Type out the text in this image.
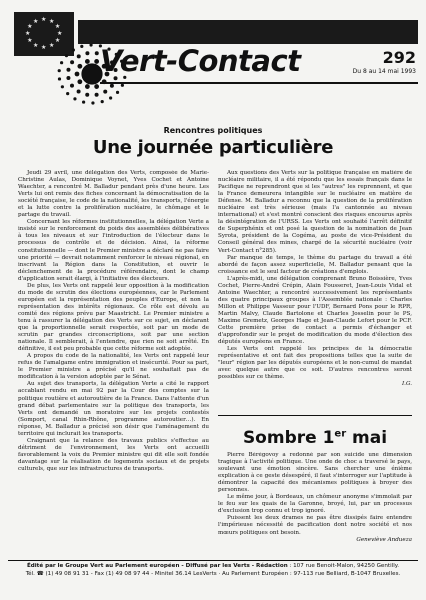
★
★
★
★
★
★
★
★
★ ★ ★
★
Vert-Contact	292
Du 8 au 14 mai 1993
Rencontres politiques
Une journée particulière

Jeudi 29 avril, une délégation des Verts, composée de Marie-Christine Aulas, Dominique Voynet, Yves Cochet et Antoine Waechter, a rencontré M. Balladur pendant près d'une heure. Les Verts lui ont remis des fiches concernant la démocratisation de la société française, le code de la nationalité, les transports, l'énergie et la lutte contre la prolifération nucléaire, le chômage et le partage du travail.

Concernant les réformes institutionnelles, la délégation Verte a insisté sur le renforcement du poids des assemblées délibératives à tous les niveaux et sur l'introduction de l'électeur dans le processus de contrôle et de décision. Ainsi, la réforme constitutionnelle — dont le Premier ministre a déclaré ne pas faire une priorité — devrait notamment renforcer le niveau régional, en inscrivant la Région dans la Constitution, et ouvrir le déclenchement de la procédure référendaire, dont le champ d'application serait élargi, à l'initiative des électeurs.

De plus, les Verts ont rappelé leur opposition à la modification du mode de scrutin des élections européennes, car le Parlement européen est la représentation des peuples d'Europe, et non la représentation des intérêts régionaux. Ce rôle est dévolu au comité des régions prévu par Maastricht. Le Premier ministre a tenu à rassurer la délégation des Verts sur ce sujet, en déclarant que la proportionnelle serait respectée, soit par un mode de scrutin par grandes circonscriptions, soit par une section nationale. Il semblerait, à l'entendre, que rien ne soit arrêté. En définitive, il est peu probable que cette réforme soit adoptée.

A propos du code de la nationalité, les Verts ont rappelé leur refus de l'amalgame entre immigration et insécurité. Pour sa part, le Premier ministre a précisé qu'il ne souhaitait pas de modification à la version adoptée par le Sénat.

Au sujet des transports, la délégation Verte a cité le rapport accablant rendu en mai 92 par la Cour des comptes sur la politique routière et autoroutière de la France. Dans l'attente d'un grand débat parlementaire sur la politique des transports, les Verts ont demandé un moratoire sur les projets contestés (Somport, canal Rhin-Rhône, programme autoroutier…). En réponse, M. Balladur a précisé son désir que l'aménagement du territoire qui inclurait les transports.

Craignant que la relance des travaux publics s'effectue au détriment de l'environnement, les Verts ont accueilli favorablement la voix du Premier ministre qui dit elle soit fondée davantage sur la réalisation de logements sociaux et de projets culturels, que sur les infrastructures de transports.

Aux questions des Verts sur la politique française en matière de nucléaire militaire, il a été répondu que les essais français dans le Pacifique ne reprendront que si les "autres" les reprennent, et que la France demeurera intangible sur le nucléaire en matière de Défense. M. Balladur a reconnu que la question de la prolifération nucléaire est très sérieuse (mais l'a cantonnée au niveau international) et s'est montré conscient des risques encourus après la désintégration de l'URSS. Les Verts ont souhaité l'arrêt définitif de Superphénix et ont posé la question de la nomination de Jean Syrota, président de la Cogéma, au poste de vice-Président du Conseil général des mines, chargé de la sécurité nucléaire (voir Vert-Contact n°285).

Par manque de temps, le thème du partage du travail a été abordé de façon assez superficielle, M. Balladur pensant que la croissance est le seul facteur de créations d'emplois.

L'après-midi, une délégation comprenant Bruno Boissière, Yves Cochet, Pierre-André Crépin, Alain Fousseret, Jean-Louis Vidal et Antoine Waechter, a rencontré successivement les représentants des quatre principaux groupes à l'Assemblée nationale : Charles Millon et Philippe Vasseur pour l'UDF, Bernard Pons pour le RPR, Martin Malvy, Claude Bartolone et Charles Josselin pour le PS, Maxime Gremetz, Georges Hage et Jean-Claude Lefort pour le PCF. Cette première prise de contact a permis d'échanger et d'approfondir sur le projet de modification du mode d'élection des députés européens en France.

Les Verts ont rappelé les principes de la démocratie représentative et ont fait des propositions telles que la suite de "leur" région par les députés européens et le non-cumul de mandat avec quelque autre que ce soit. D'autres rencontres seront possibles sur ce thème.

I.G.
Sombre 1er mai

Pierre Bérégovoy a redonné par son suicide une dimension tragique à l'activité politique. Une onde de choc a traversé le pays, soulevant une émotion sincère. Sans chercher une énième explication à ce geste désespéré, il faut s'interroger sur l'aptitude à démontrer la capacité des mécanismes politiques à broyer des personnes.

Le même jour, à Bordeaux, un chômeur anonyme s'immolait par le feu sur les quais de la Garonne, broyé, lui, par un processus d'exclusion trop connu et trop ignoré.

Puissent les deux drames ne pas être dissipés faire entendre l'impérieuse nécessité de pacification dont notre société et nos mœurs politiques ont besoin.

Geneviève Andueza
Édité par le Groupe Vert au Parlement européen - Diffusé par les Verts - Rédaction : 107 rue Benoit-Malon, 94250 Gentilly.
Tél. ☎ (1) 49 08 91 31 - Fax (1) 49 08 97 44 - Minitel 36.14 LesVerts · Au Parlement Européen : 97-113 rue Belliard, B-1047 Bruxelles.
